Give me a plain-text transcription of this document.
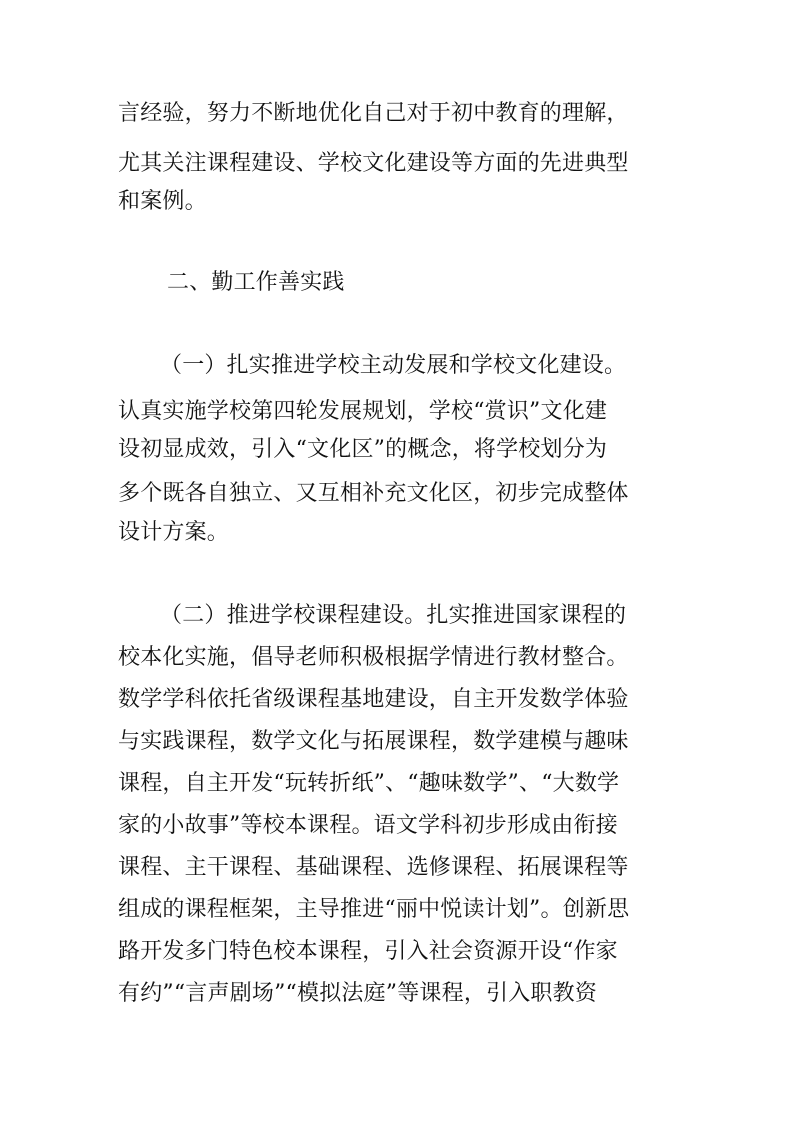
言经验，努力不断地优化自己对于初中教育的理解，
尤其关注课程建设、学校文化建设等方面的先进典型
和案例。
二、勤工作善实践
（一）扎实推进学校主动发展和学校文化建设。
认真实施学校第四轮发展规划，学校“赏识”文化建
设初显成效，引入“文化区”的概念，将学校划分为
多个既各自独立、又互相补充文化区，初步完成整体
设计方案。
（二）推进学校课程建设。扎实推进国家课程的
校本化实施，倡导老师积极根据学情进行教材整合。
数学学科依托省级课程基地建设，自主开发数学体验
与实践课程，数学文化与拓展课程，数学建模与趣味
课程，自主开发“玩转折纸”、“趣味数学”、“大数学
家的小故事”等校本课程。语文学科初步形成由衔接
课程、主干课程、基础课程、选修课程、拓展课程等
组成的课程框架，主导推进“丽中悦读计划”。创新思
路开发多门特色校本课程，引入社会资源开设“作家
有约”“言声剧场”“模拟法庭”等课程，引入职教资
